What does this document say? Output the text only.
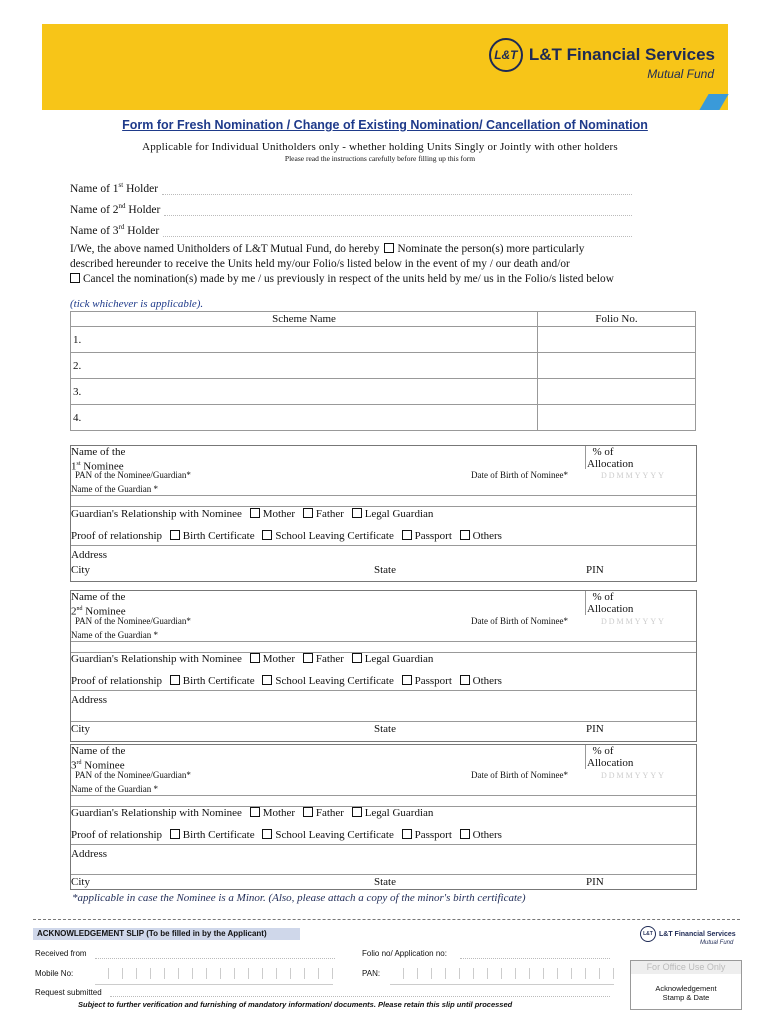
L&T L&T Financial Services
Mutual Fund
Form for Fresh Nomination / Change of Existing Nomination/ Cancellation of Nomination
Applicable for Individual Unitholders only - whether holding Units Singly or Jointly with other holders
Please read the instructions carefully before filling up this form
Name of 1st Holder
Name of 2nd Holder
Name of 3rd Holder
I/We, the above named Unitholders of L&T Mutual Fund, do hereby Nominate the person(s) more particularly
described hereunder to receive the Units held my/our Folio/s listed below in the event of my / our death and/or
Cancel the nomination(s) made by me / us previously in respect of the units held by me/ us in the Folio/s listed below
(tick whichever is applicable).
Scheme Name	Folio No.
1.	
2.	
3.	
4.	
Name of the
1st Nominee
% of
Allocation
PAN of the Nominee/Guardian*	Date of Birth of Nominee*	DDMMYYYY
Name of the Guardian *
Guardian's Relationship with Nominee Mother Father Legal Guardian
Proof of relationship Birth Certificate School Leaving Certificate Passport Others
Address
City	State	PIN
Name of the
2nd Nominee
% of
Allocation
PAN of the Nominee/Guardian*	Date of Birth of Nominee*	DDMMYYYY
Name of the Guardian *
Guardian's Relationship with Nominee Mother Father Legal Guardian
Proof of relationship Birth Certificate School Leaving Certificate Passport Others
Address
City	State	PIN
Name of the
3rd Nominee
% of
Allocation
PAN of the Nominee/Guardian*	Date of Birth of Nominee*	DDMMYYYY
Name of the Guardian *
Guardian's Relationship with Nominee Mother Father Legal Guardian
Proof of relationship Birth Certificate School Leaving Certificate Passport Others
Address
City	State	PIN
*applicable in case the Nominee is a Minor. (Also, please attach a copy of the minor's birth certificate)
ACKNOWLEDGEMENT SLIP (To be filled in by the Applicant)	L&T L&T Financial Services
Mutual Fund
Received from	Folio no/ Application no:
Mobile No:	PAN:
Request submitted
Subject to further verification and furnishing of mandatory information/ documents. Please retain this slip until processed
For Office Use Only
Acknowledgement Stamp & Date
